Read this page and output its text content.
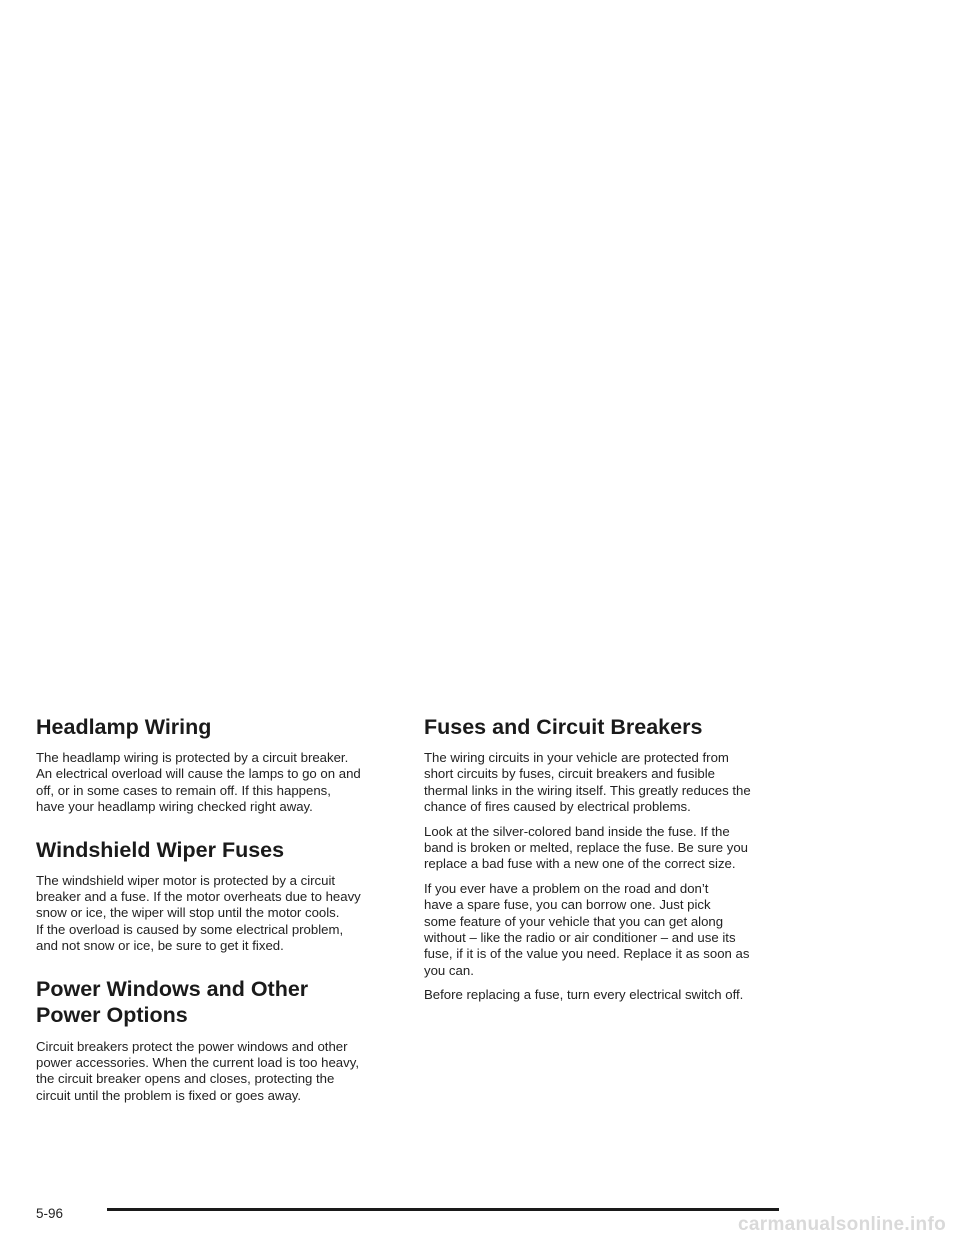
Headlamp Wiring

The headlamp wiring is protected by a circuit breaker.
An electrical overload will cause the lamps to go on and
off, or in some cases to remain off. If this happens,
have your headlamp wiring checked right away.

Windshield Wiper Fuses

The windshield wiper motor is protected by a circuit
breaker and a fuse. If the motor overheats due to heavy
snow or ice, the wiper will stop until the motor cools.
If the overload is caused by some electrical problem,
and not snow or ice, be sure to get it fixed.

Power Windows and Other
Power Options

Circuit breakers protect the power windows and other
power accessories. When the current load is too heavy,
the circuit breaker opens and closes, protecting the
circuit until the problem is fixed or goes away.

Fuses and Circuit Breakers

The wiring circuits in your vehicle are protected from
short circuits by fuses, circuit breakers and fusible
thermal links in the wiring itself. This greatly reduces the
chance of fires caused by electrical problems.

Look at the silver-colored band inside the fuse. If the
band is broken or melted, replace the fuse. Be sure you
replace a bad fuse with a new one of the correct size.

If you ever have a problem on the road and don’t
have a spare fuse, you can borrow one. Just pick
some feature of your vehicle that you can get along
without – like the radio or air conditioner – and use its
fuse, if it is of the value you need. Replace it as soon as
you can.

Before replacing a fuse, turn every electrical switch off.

5-96
carmanualsonline.info
